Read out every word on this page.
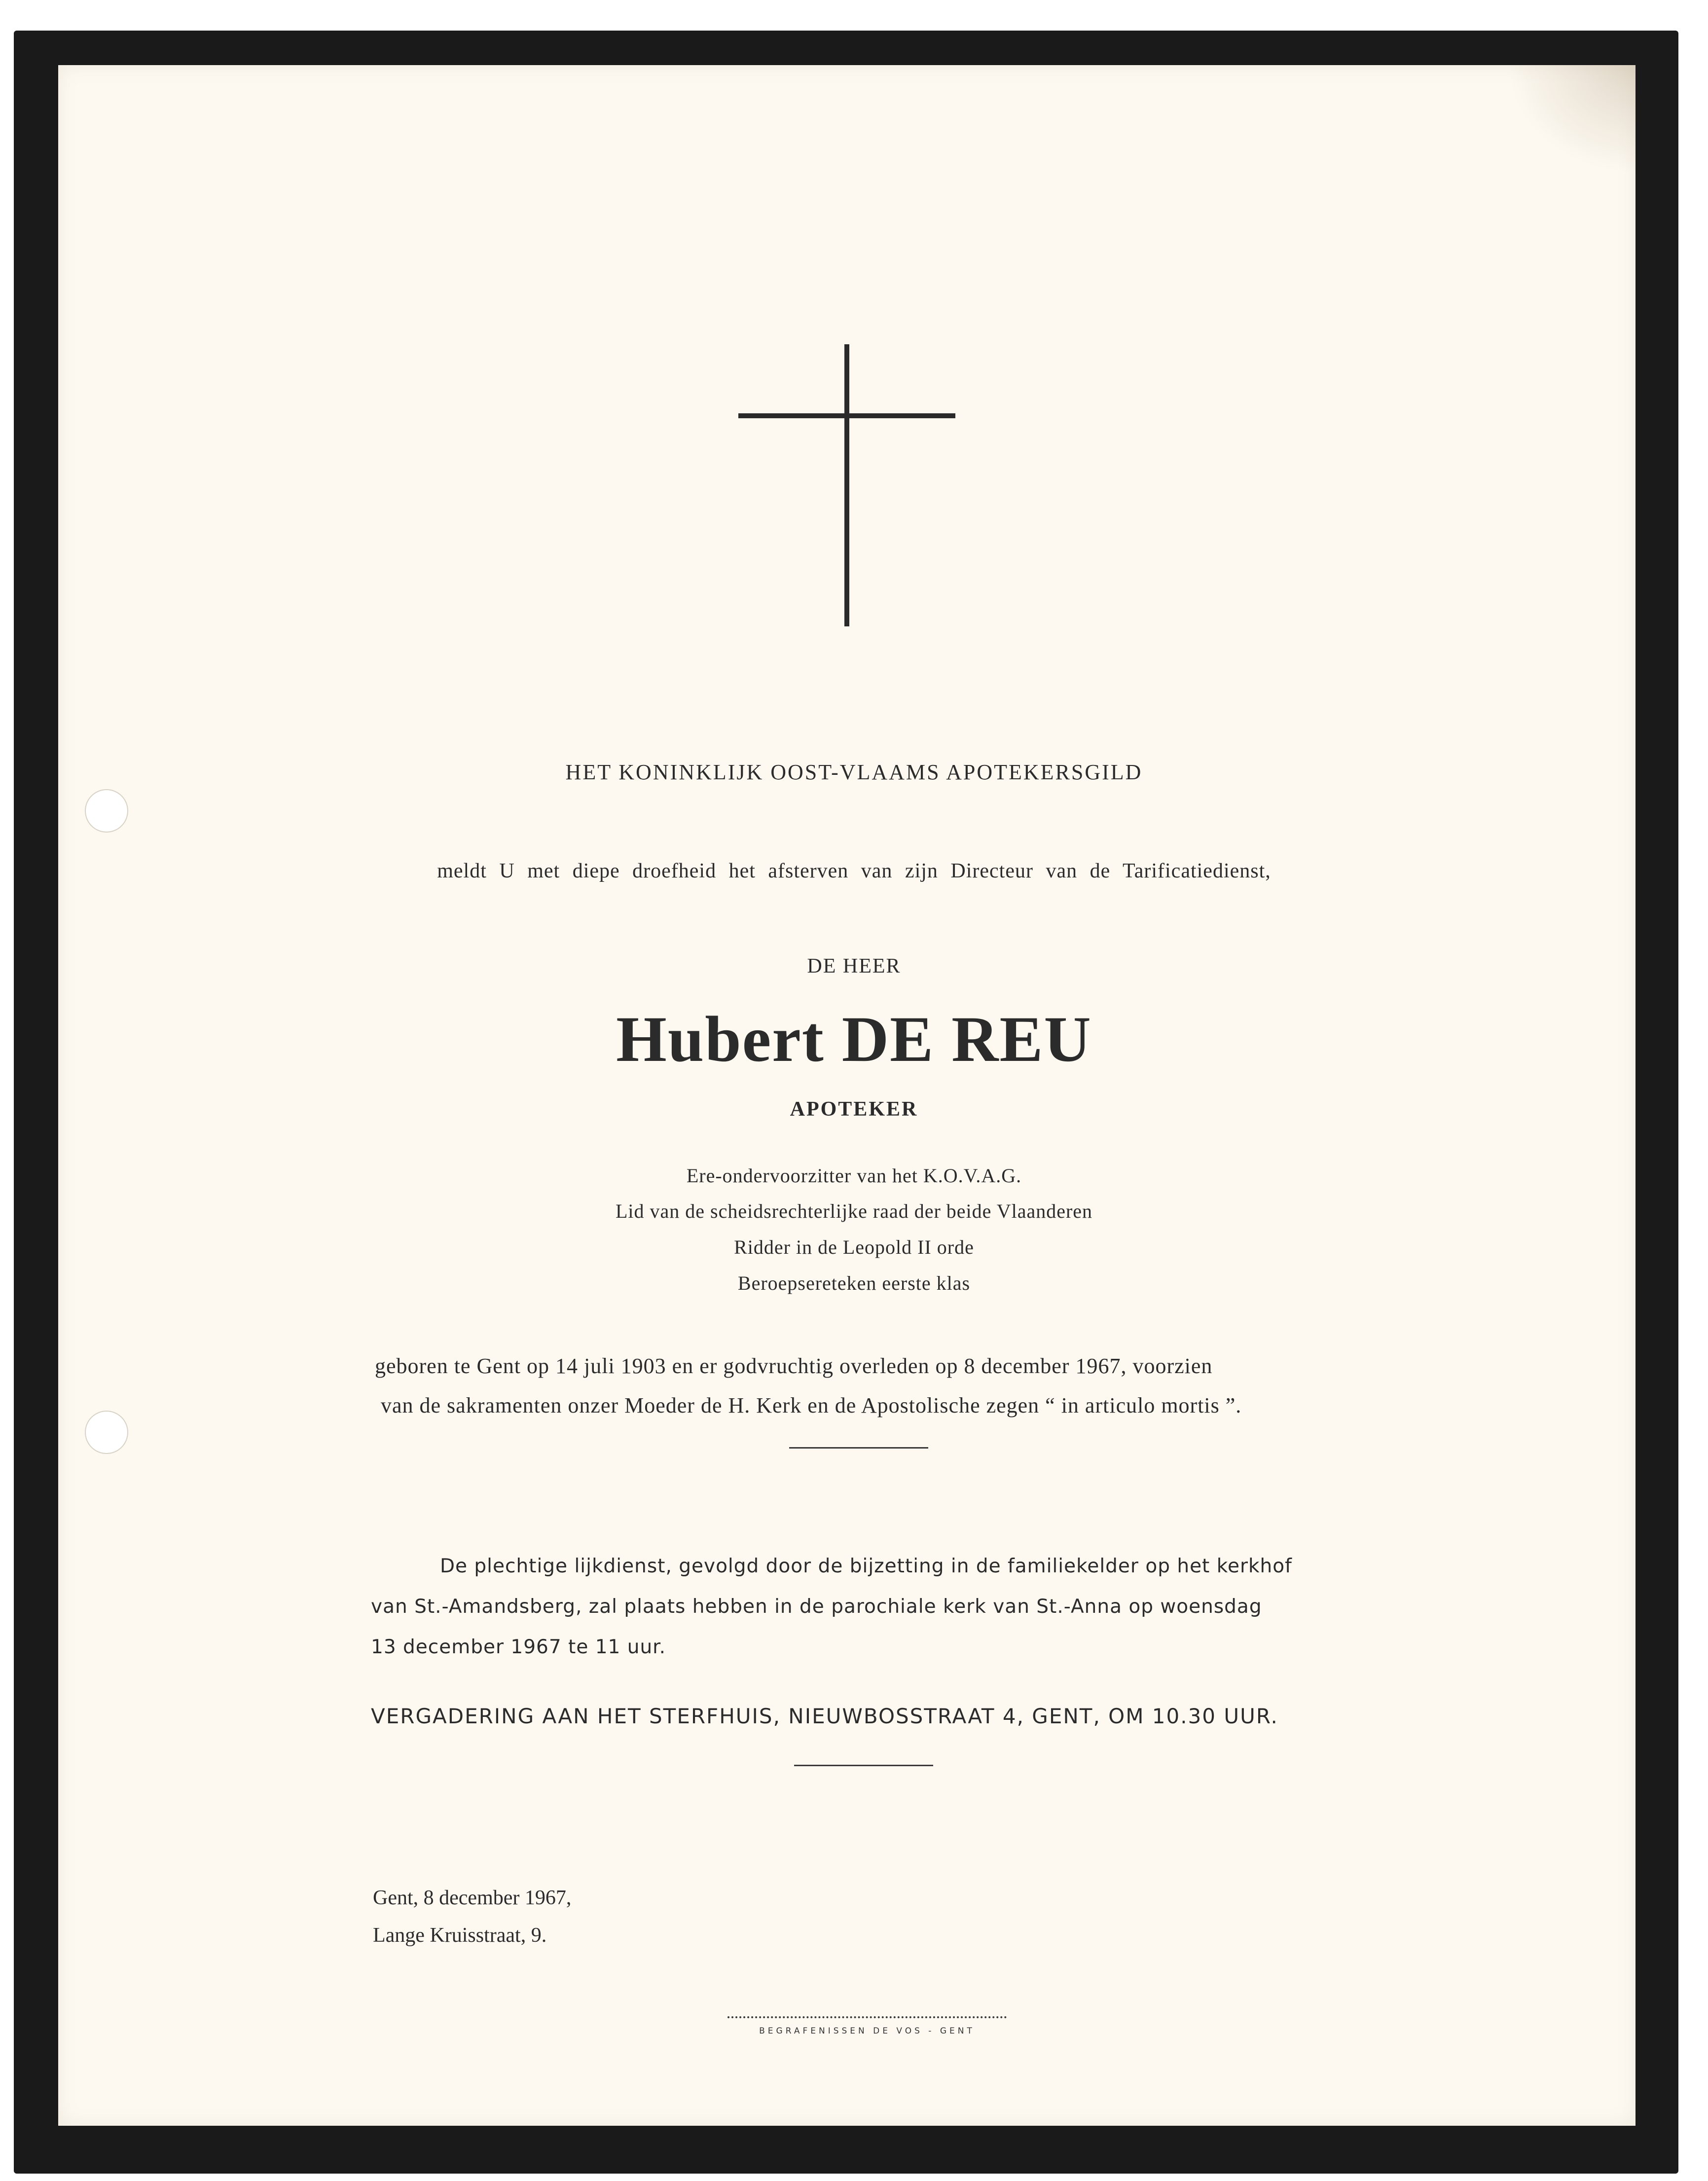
HET KONINKLIJK OOST-VLAAMS APOTEKERSGILD
meldt U met diepe droefheid het afsterven van zijn Directeur van de Tarificatiedienst,
DE HEER
Hubert DE REU
APOTEKER
Ere-ondervoorzitter van het K.O.V.A.G.
Lid van de scheidsrechterlijke raad der beide Vlaanderen
Ridder in de Leopold II orde
Beroepsereteken eerste klas
geboren te Gent op 14 juli 1903 en er godvruchtig overleden op 8 december 1967, voorzien
van de sakramenten onzer Moeder de H. Kerk en de Apostolische zegen “ in articulo mortis ”.
De plechtige lijkdienst, gevolgd door de bijzetting in de familiekelder op het kerkhof
van St.-Amandsberg, zal plaats hebben in de parochiale kerk van St.-Anna op woensdag
13 december 1967 te 11 uur.
VERGADERING AAN HET STERFHUIS, NIEUWBOSSTRAAT 4, GENT, OM 10.30 UUR.
Gent, 8 december 1967,
Lange Kruisstraat, 9.
BEGRAFENISSEN DE VOS - GENT
